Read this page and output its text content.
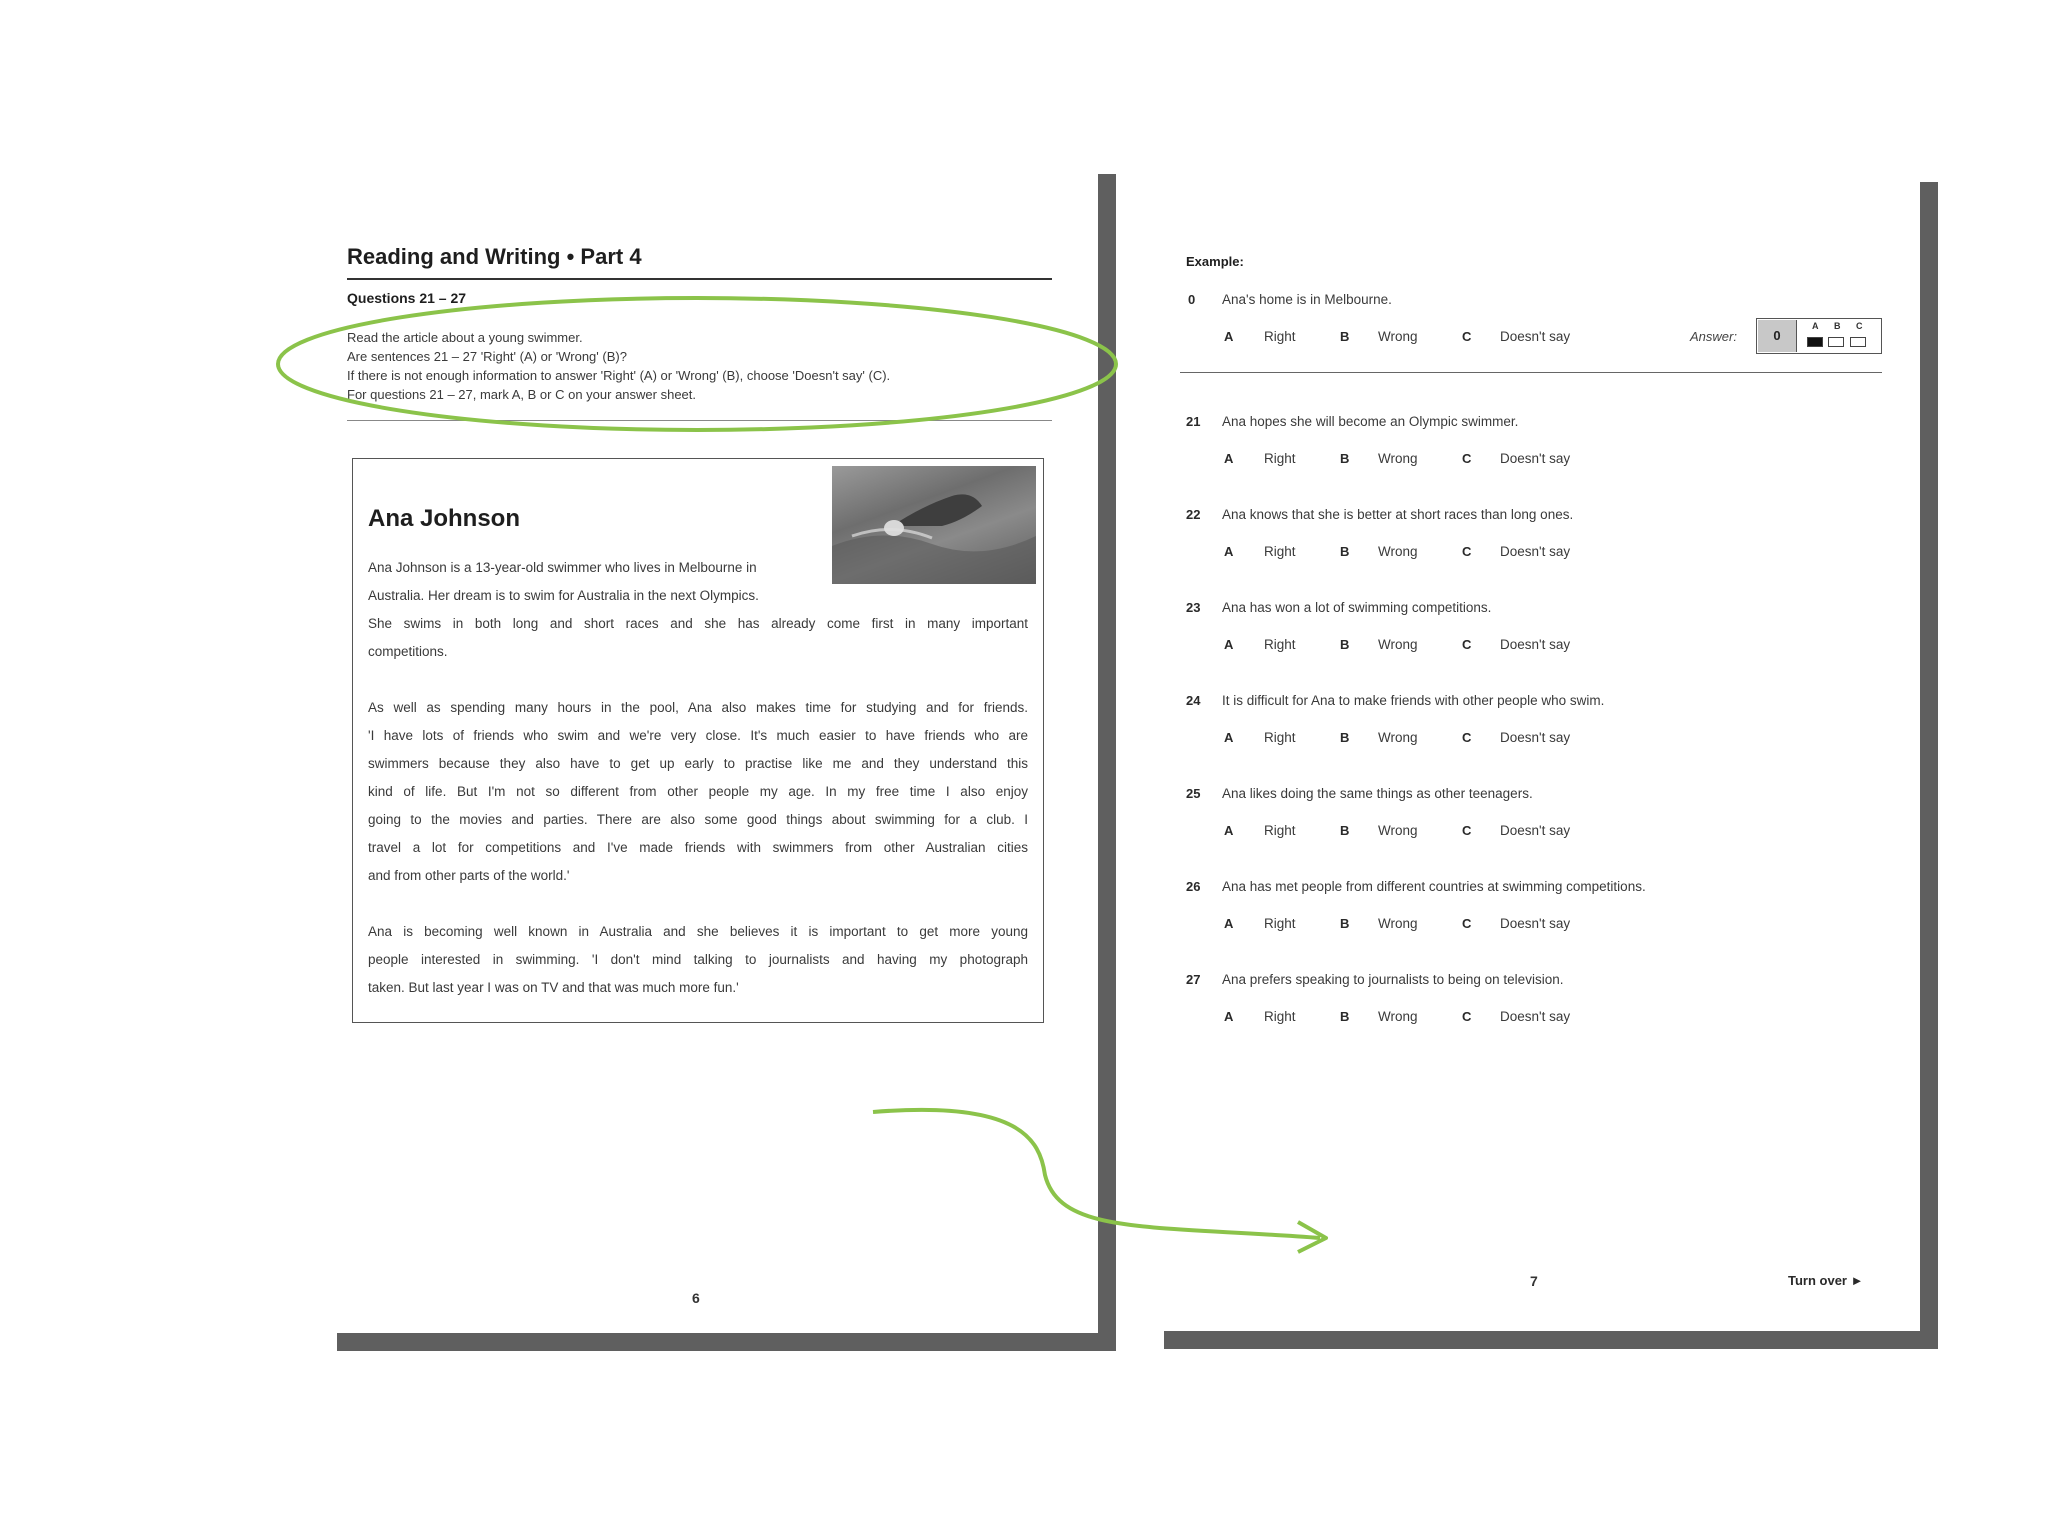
Reading and Writing • Part 4
Questions 21 – 27
Read the article about a young swimmer.
Are sentences 21 – 27 'Right' (A) or 'Wrong' (B)?
If there is not enough information to answer 'Right' (A) or 'Wrong' (B), choose 'Doesn't say' (C).
For questions 21 – 27, mark A, B or C on your answer sheet.
Ana Johnson
Ana Johnson is a 13-year-old swimmer who lives in Melbourne in
Australia. Her dream is to swim for Australia in the next Olympics.
She swims in both long and short races and she has already come first in many important
competitions.
As well as spending many hours in the pool, Ana also makes time for studying and for friends.
'I have lots of friends who swim and we're very close. It's much easier to have friends who are
swimmers because they also have to get up early to practise like me and they understand this
kind of life. But I'm not so different from other people my age. In my free time I also enjoy
going to the movies and parties. There are also some good things about swimming for a club. I
travel a lot for competitions and I've made friends with swimmers from other Australian cities
and from other parts of the world.'
Ana is becoming well known in Australia and she believes it is important to get more young
people interested in swimming. 'I don't mind talking to journalists and having my photograph
taken. But last year I was on TV and that was much more fun.'
6
Example:
0 Ana's home is in Melbourne.
A Right	B Wrong	C Doesn't say	Answer:	0
A B C
21 Ana hopes she will become an Olympic swimmer.
A Right	B Wrong	C Doesn't say
22 Ana knows that she is better at short races than long ones.
A Right	B Wrong	C Doesn't say
23 Ana has won a lot of swimming competitions.
A Right	B Wrong	C Doesn't say
24 It is difficult for Ana to make friends with other people who swim.
A Right	B Wrong	C Doesn't say
25 Ana likes doing the same things as other teenagers.
A Right	B Wrong	C Doesn't say
26 Ana has met people from different countries at swimming competitions.
A Right	B Wrong	C Doesn't say
27 Ana prefers speaking to journalists to being on television.
A Right	B Wrong	C Doesn't say
7	Turn over ►
